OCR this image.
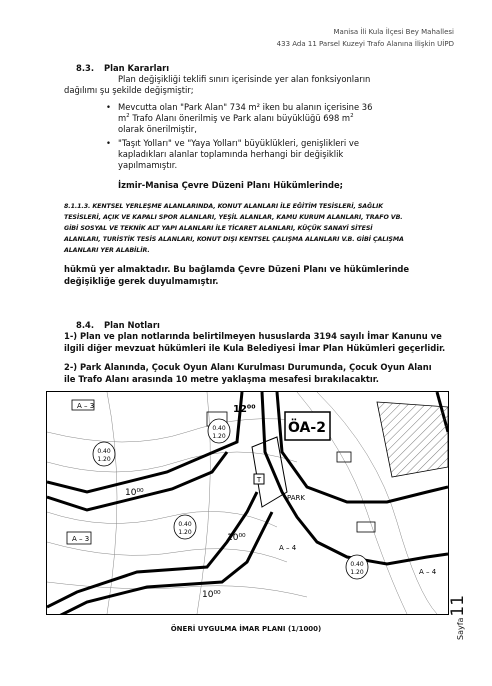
Manisa İli Kula İlçesi Bey Mahallesi
433 Ada 11 Parsel Kuzeyi Trafo Alanına İlişkin UİPD
8.3. Plan Kararları
Plan değişikliği teklifi sınırı içerisinde yer alan fonksiyonların
dağılımı şu şekilde değişmiştir;
• Mevcutta olan "Park Alan" 734 m² iken bu alanın içerisine 36
$m^2$ Trafo Alanı önerilmiş ve Park alanı büyüklüğü 698 $m^2$
olarak önerilmiştir,
• "Taşıt Yolları" ve "Yaya Yolları" büyüklükleri, genişlikleri ve
kapladıkları alanlar toplamında herhangi bir değişiklik
yapılmamıştır.
İzmir-Manisa Çevre Düzeni Planı Hükümlerinde;
8.1.1.3. KENTSEL YERLEŞME ALANLARINDA, KONUT ALANLARI İLE EĞİTİM TESİSLERİ, SAĞLIK
TESİSLERİ, AÇIK VE KAPALI SPOR ALANLARI, YEŞİL ALANLAR, KAMU KURUM ALANLARI, TRAFO VB.
GİBİ SOSYAL VE TEKNİK ALT YAPI ALANLARI İLE TİCARET ALANLARI, KÜÇÜK SANAYİ SİTESİ
ALANLARI, TURİSTİK TESİS ALANLARI, KONUT DIŞI KENTSEL ÇALIŞMA ALANLARI V.B. GİBİ ÇALIŞMA
ALANLARI YER ALABİLİR.
hükmü yer almaktadır. Bu bağlamda Çevre Düzeni Planı ve hükümlerinde
değişikliğe gerek duyulmamıştır.
8.4. Plan Notları
1-) Plan ve plan notlarında belirtilmeyen hususlarda 3194 sayılı İmar Kanunu ve
ilgili diğer mevzuat hükümleri ile Kula Belediyesi İmar Plan Hükümleri geçerlidir.
2-) Park Alanında, Çocuk Oyun Alanı Kurulması Durumunda, Çocuk Oyun Alanı
ile Trafo Alanı arasında 10 metre yaklaşma mesafesi bırakılacaktır.
ÖA-2
T
PARK
A – 3
A – 3
A – 4
A – 4
12⁰⁰
10⁰⁰
10⁰⁰
10⁰⁰
0.40
1.20
0.40
1.20
0.40
1.20
0.40
1.20
ÖNERİ UYGULMA İMAR PLANI (1/1000)	Sayfa11
